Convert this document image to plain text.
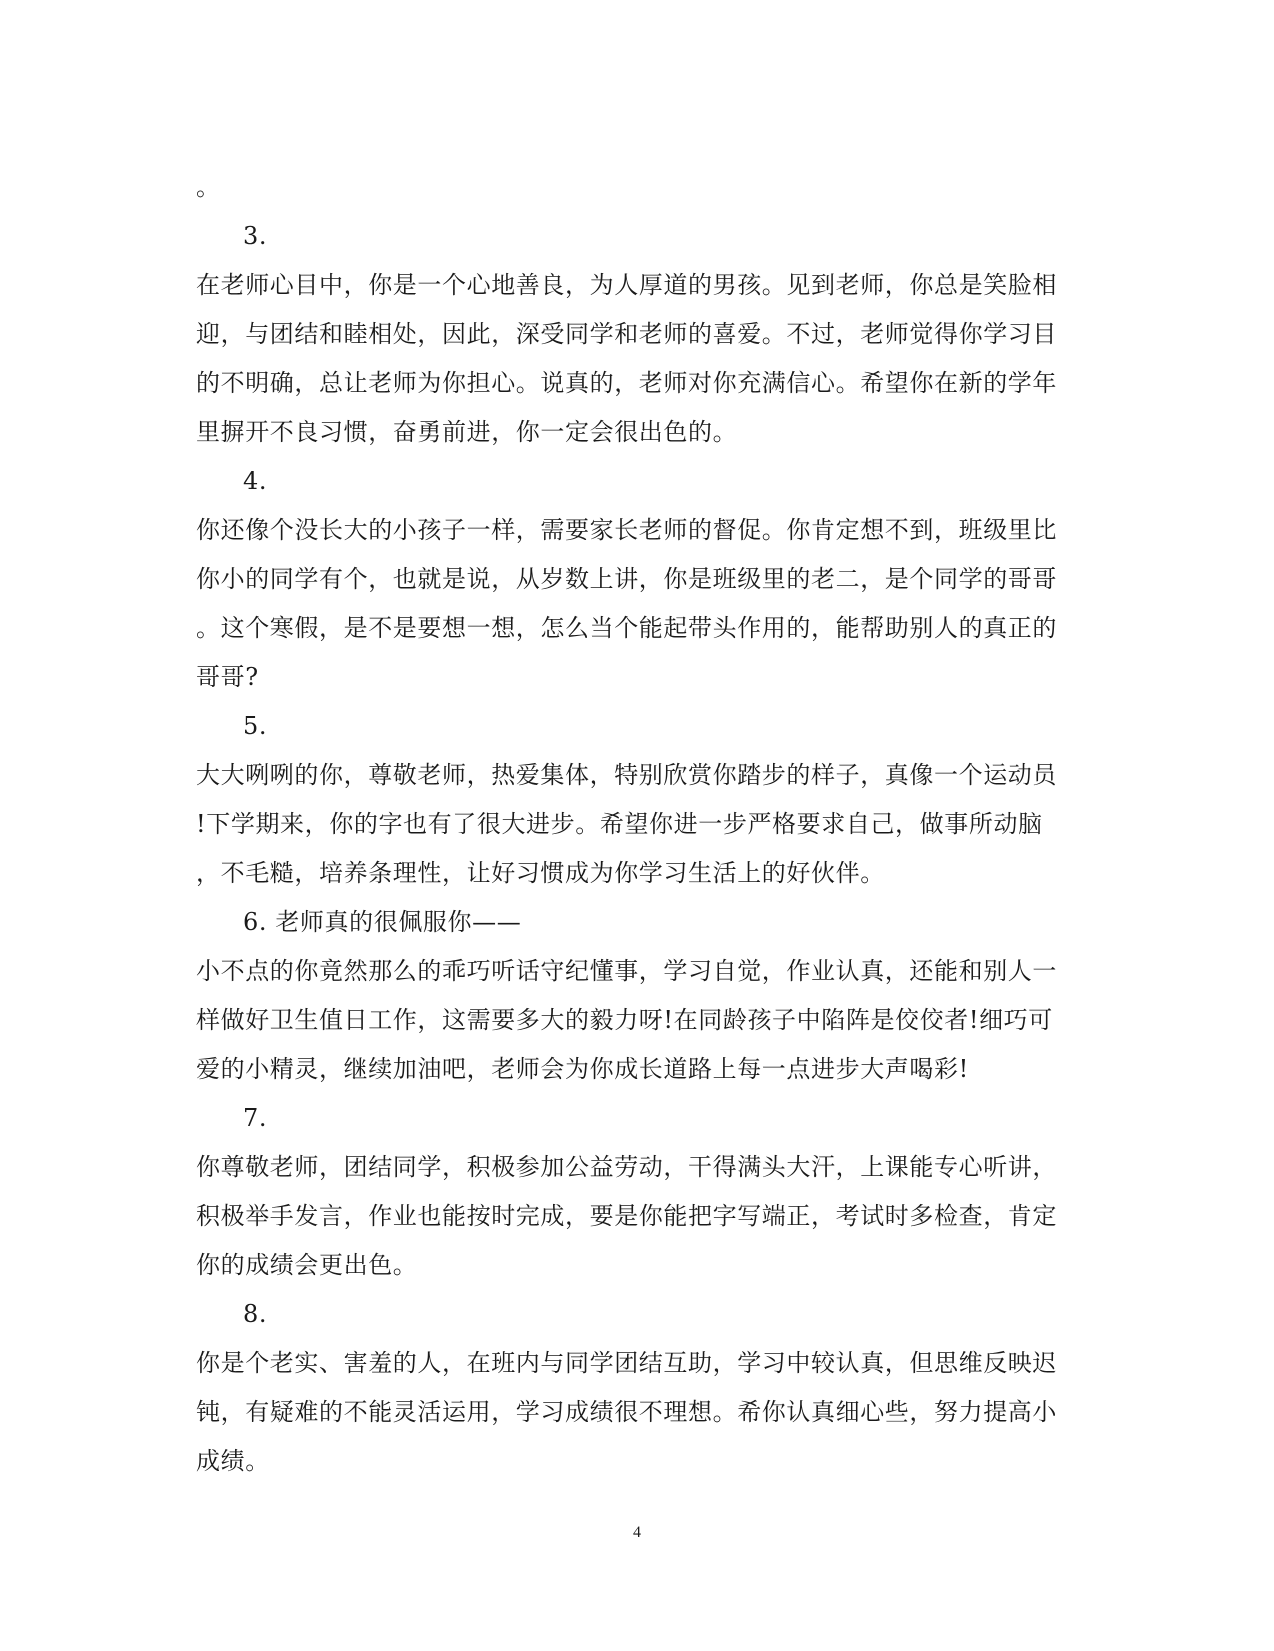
。
3.
在老师心目中，你是一个心地善良，为人厚道的男孩。见到老师，你总是笑脸相
迎，与团结和睦相处，因此，深受同学和老师的喜爱。不过，老师觉得你学习目
的不明确，总让老师为你担心。说真的，老师对你充满信心。希望你在新的学年
里摒开不良习惯，奋勇前进，你一定会很出色的。
4.
你还像个没长大的小孩子一样，需要家长老师的督促。你肯定想不到，班级里比
你小的同学有个，也就是说，从岁数上讲，你是班级里的老二，是个同学的哥哥
。这个寒假，是不是要想一想，怎么当个能起带头作用的，能帮助别人的真正的
哥哥?
5.
大大咧咧的你，尊敬老师，热爱集体，特别欣赏你踏步的样子，真像一个运动员
!下学期来，你的字也有了很大进步。希望你进一步严格要求自己，做事所动脑
，不毛糙，培养条理性，让好习惯成为你学习生活上的好伙伴。
6. 老师真的很佩服你——
小不点的你竟然那么的乖巧听话守纪懂事，学习自觉，作业认真，还能和别人一
样做好卫生值日工作，这需要多大的毅力呀!在同龄孩子中陷阵是佼佼者!细巧可
爱的小精灵，继续加油吧，老师会为你成长道路上每一点进步大声喝彩!
7.
你尊敬老师，团结同学，积极参加公益劳动，干得满头大汗，上课能专心听讲，
积极举手发言，作业也能按时完成，要是你能把字写端正，考试时多检查，肯定
你的成绩会更出色。
8.
你是个老实、害羞的人，在班内与同学团结互助，学习中较认真，但思维反映迟
钝，有疑难的不能灵活运用，学习成绩很不理想。希你认真细心些，努力提高小
成绩。
4
